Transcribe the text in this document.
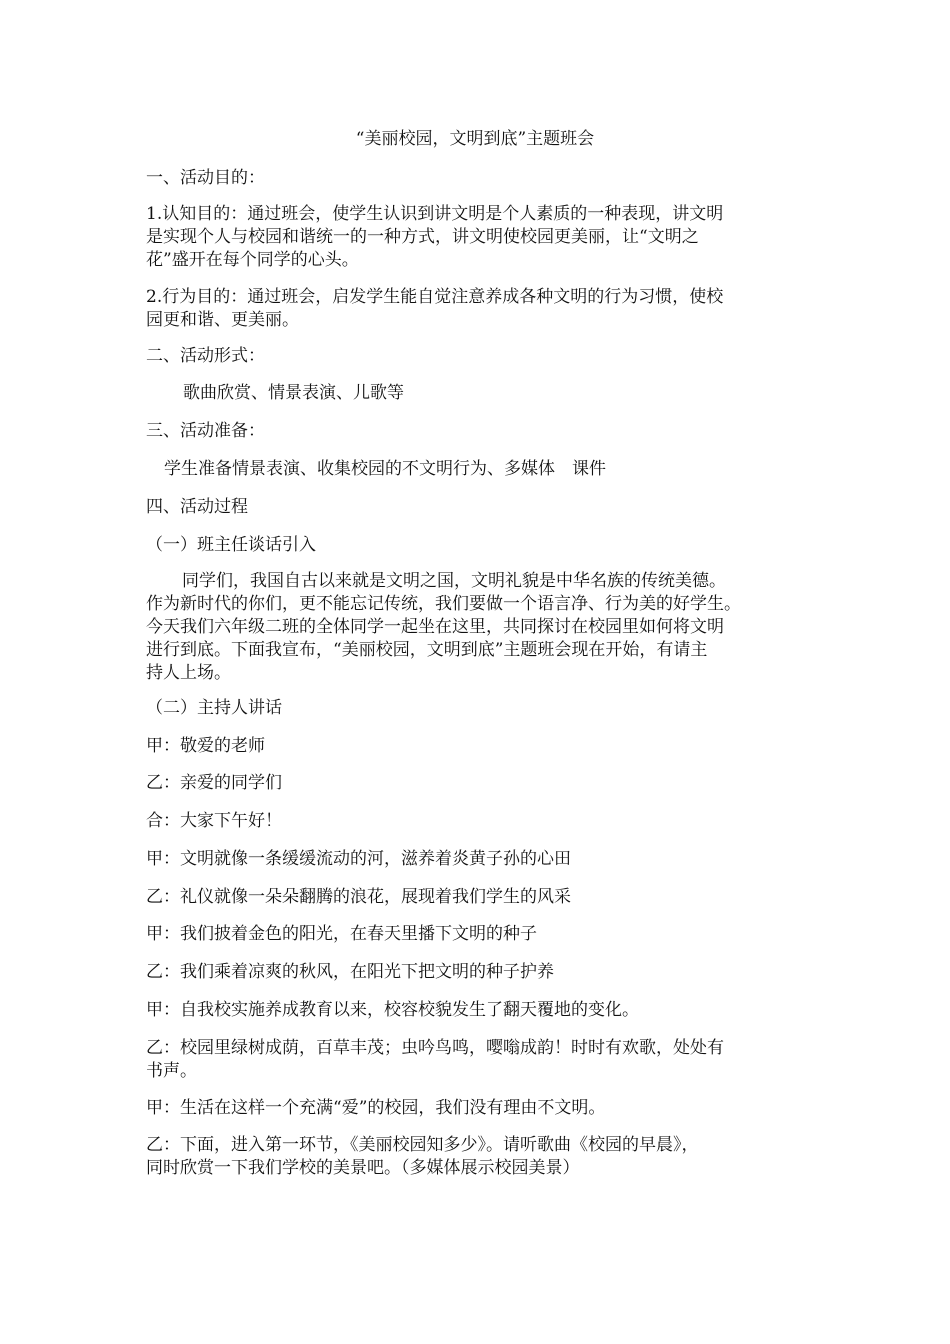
“美丽校园，文明到底”主题班会
一、活动目的：
1.认知目的：通过班会，使学生认识到讲文明是个人素质的一种表现，讲文明
是实现个人与校园和谐统一的一种方式，讲文明使校园更美丽，让“文明之
花”盛开在每个同学的心头。
2.行为目的：通过班会，启发学生能自觉注意养成各种文明的行为习惯，使校
园更和谐、更美丽。
二、活动形式：
歌曲欣赏、情景表演、儿歌等
三、活动准备：
学生准备情景表演、收集校园的不文明行为、多媒体　课件
四、活动过程
（一）班主任谈话引入
同学们，我国自古以来就是文明之国，文明礼貌是中华名族的传统美德。
作为新时代的你们，更不能忘记传统，我们要做一个语言净、行为美的好学生。
今天我们六年级二班的全体同学一起坐在这里，共同探讨在校园里如何将文明
进行到底。下面我宣布，“美丽校园，文明到底”主题班会现在开始，有请主
持人上场。
（二）主持人讲话
甲：敬爱的老师
乙：亲爱的同学们
合：大家下午好！
甲：文明就像一条缓缓流动的河，滋养着炎黄子孙的心田
乙：礼仪就像一朵朵翻腾的浪花，展现着我们学生的风采
甲：我们披着金色的阳光，在春天里播下文明的种子
乙：我们乘着凉爽的秋风，在阳光下把文明的种子护养
甲：自我校实施养成教育以来，校容校貌发生了翻天覆地的变化。
乙：校园里绿树成荫，百草丰茂；虫吟鸟鸣，嘤嗡成韵！时时有欢歌，处处有
书声。
甲：生活在这样一个充满“爱”的校园，我们没有理由不文明。
乙：下面，进入第一环节，《美丽校园知多少》。请听歌曲《校园的早晨》，
同时欣赏一下我们学校的美景吧。（多媒体展示校园美景）
